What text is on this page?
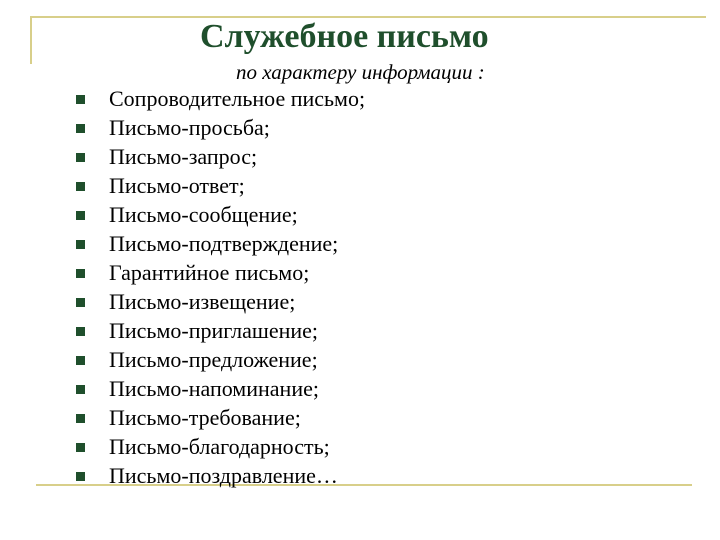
Служебное письмо
по характеру информации :
Сопроводительное письмо;
Письмо-просьба;
Письмо-запрос;
Письмо-ответ;
Письмо-сообщение;
Письмо-подтверждение;
Гарантийное письмо;
Письмо-извещение;
Письмо-приглашение;
Письмо-предложение;
Письмо-напоминание;
Письмо-требование;
Письмо-благодарность;
Письмо-поздравление…
